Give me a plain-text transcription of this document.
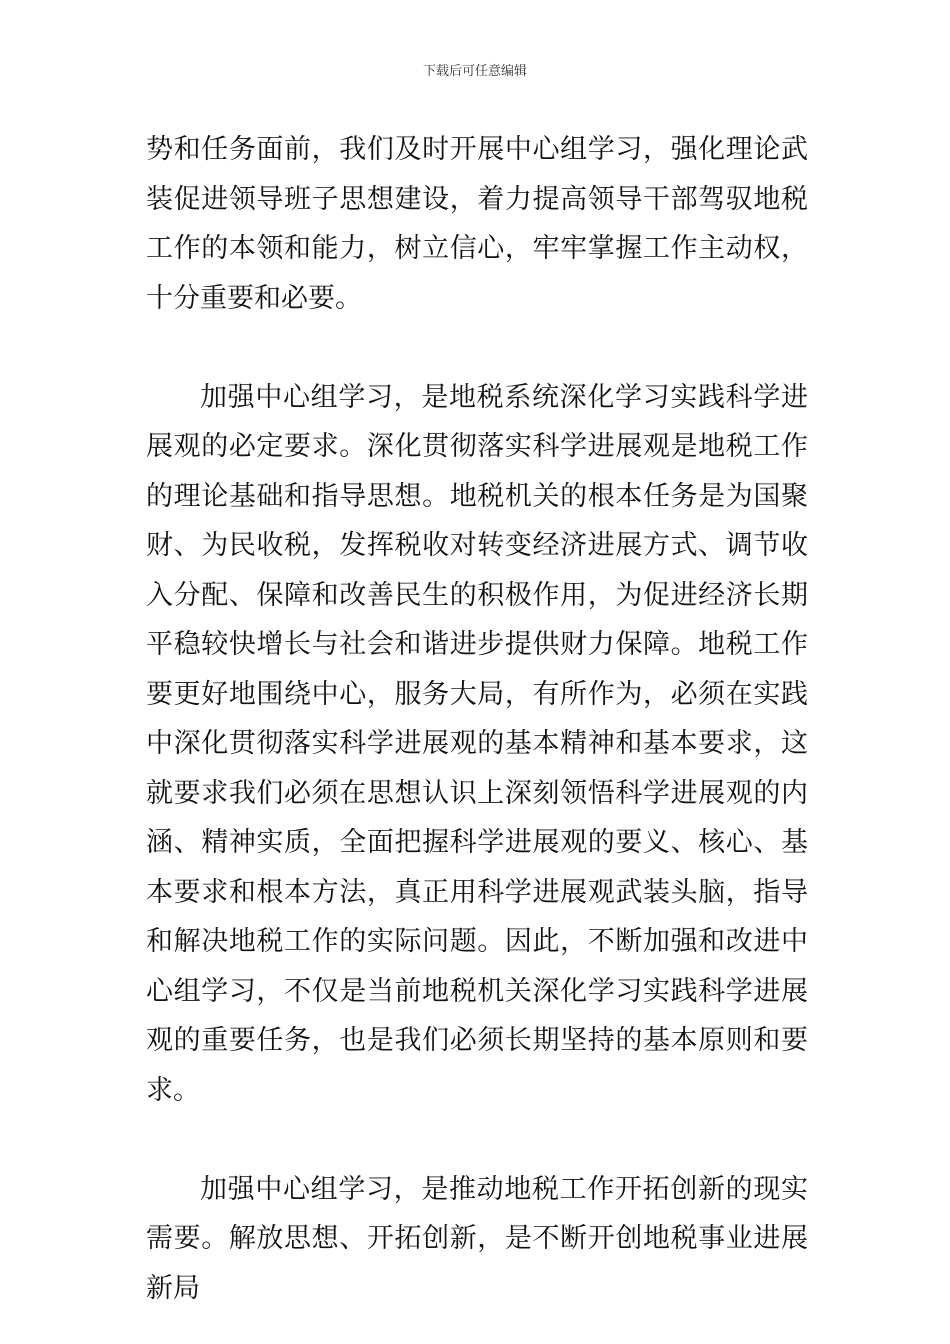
下载后可任意编辑

势和任务面前，我们及时开展中心组学习，强化理论武装促进领导班子思想建设，着力提高领导干部驾驭地税工作的本领和能力，树立信心，牢牢掌握工作主动权，十分重要和必要。

加强中心组学习，是地税系统深化学习实践科学进展观的必定要求。深化贯彻落实科学进展观是地税工作的理论基础和指导思想。地税机关的根本任务是为国聚财、为民收税，发挥税收对转变经济进展方式、调节收入分配、保障和改善民生的积极作用，为促进经济长期平稳较快增长与社会和谐进步提供财力保障。地税工作要更好地围绕中心，服务大局，有所作为，必须在实践中深化贯彻落实科学进展观的基本精神和基本要求，这就要求我们必须在思想认识上深刻领悟科学进展观的内涵、精神实质，全面把握科学进展观的要义、核心、基本要求和根本方法，真正用科学进展观武装头脑，指导和解决地税工作的实际问题。因此，不断加强和改进中心组学习，不仅是当前地税机关深化学习实践科学进展观的重要任务，也是我们必须长期坚持的基本原则和要求。

加强中心组学习，是推动地税工作开拓创新的现实需要。解放思想、开拓创新，是不断开创地税事业进展新局
